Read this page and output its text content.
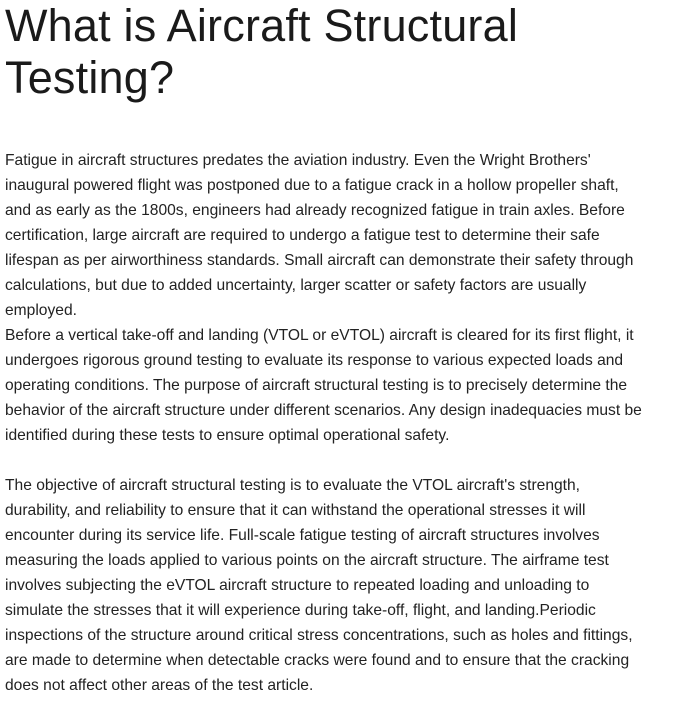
What is Aircraft Structural Testing?

Fatigue in aircraft structures predates the aviation industry. Even the Wright Brothers'
inaugural powered flight was postponed due to a fatigue crack in a hollow propeller shaft,
and as early as the 1800s, engineers had already recognized fatigue in train axles. Before
certification, large aircraft are required to undergo a fatigue test to determine their safe
lifespan as per airworthiness standards. Small aircraft can demonstrate their safety through
calculations, but due to added uncertainty, larger scatter or safety factors are usually
employed.

Before a vertical take-off and landing (VTOL or eVTOL) aircraft is cleared for its first flight, it
undergoes rigorous ground testing to evaluate its response to various expected loads and
operating conditions. The purpose of aircraft structural testing is to precisely determine the
behavior of the aircraft structure under different scenarios. Any design inadequacies must be
identified during these tests to ensure optimal operational safety.

The objective of aircraft structural testing is to evaluate the VTOL aircraft's strength,
durability, and reliability to ensure that it can withstand the operational stresses it will
encounter during its service life. Full-scale fatigue testing of aircraft structures involves
measuring the loads applied to various points on the aircraft structure. The airframe test
involves subjecting the eVTOL aircraft structure to repeated loading and unloading to
simulate the stresses that it will experience during take-off, flight, and landing.Periodic
inspections of the structure around critical stress concentrations, such as holes and fittings,
are made to determine when detectable cracks were found and to ensure that the cracking
does not affect other areas of the test article.
